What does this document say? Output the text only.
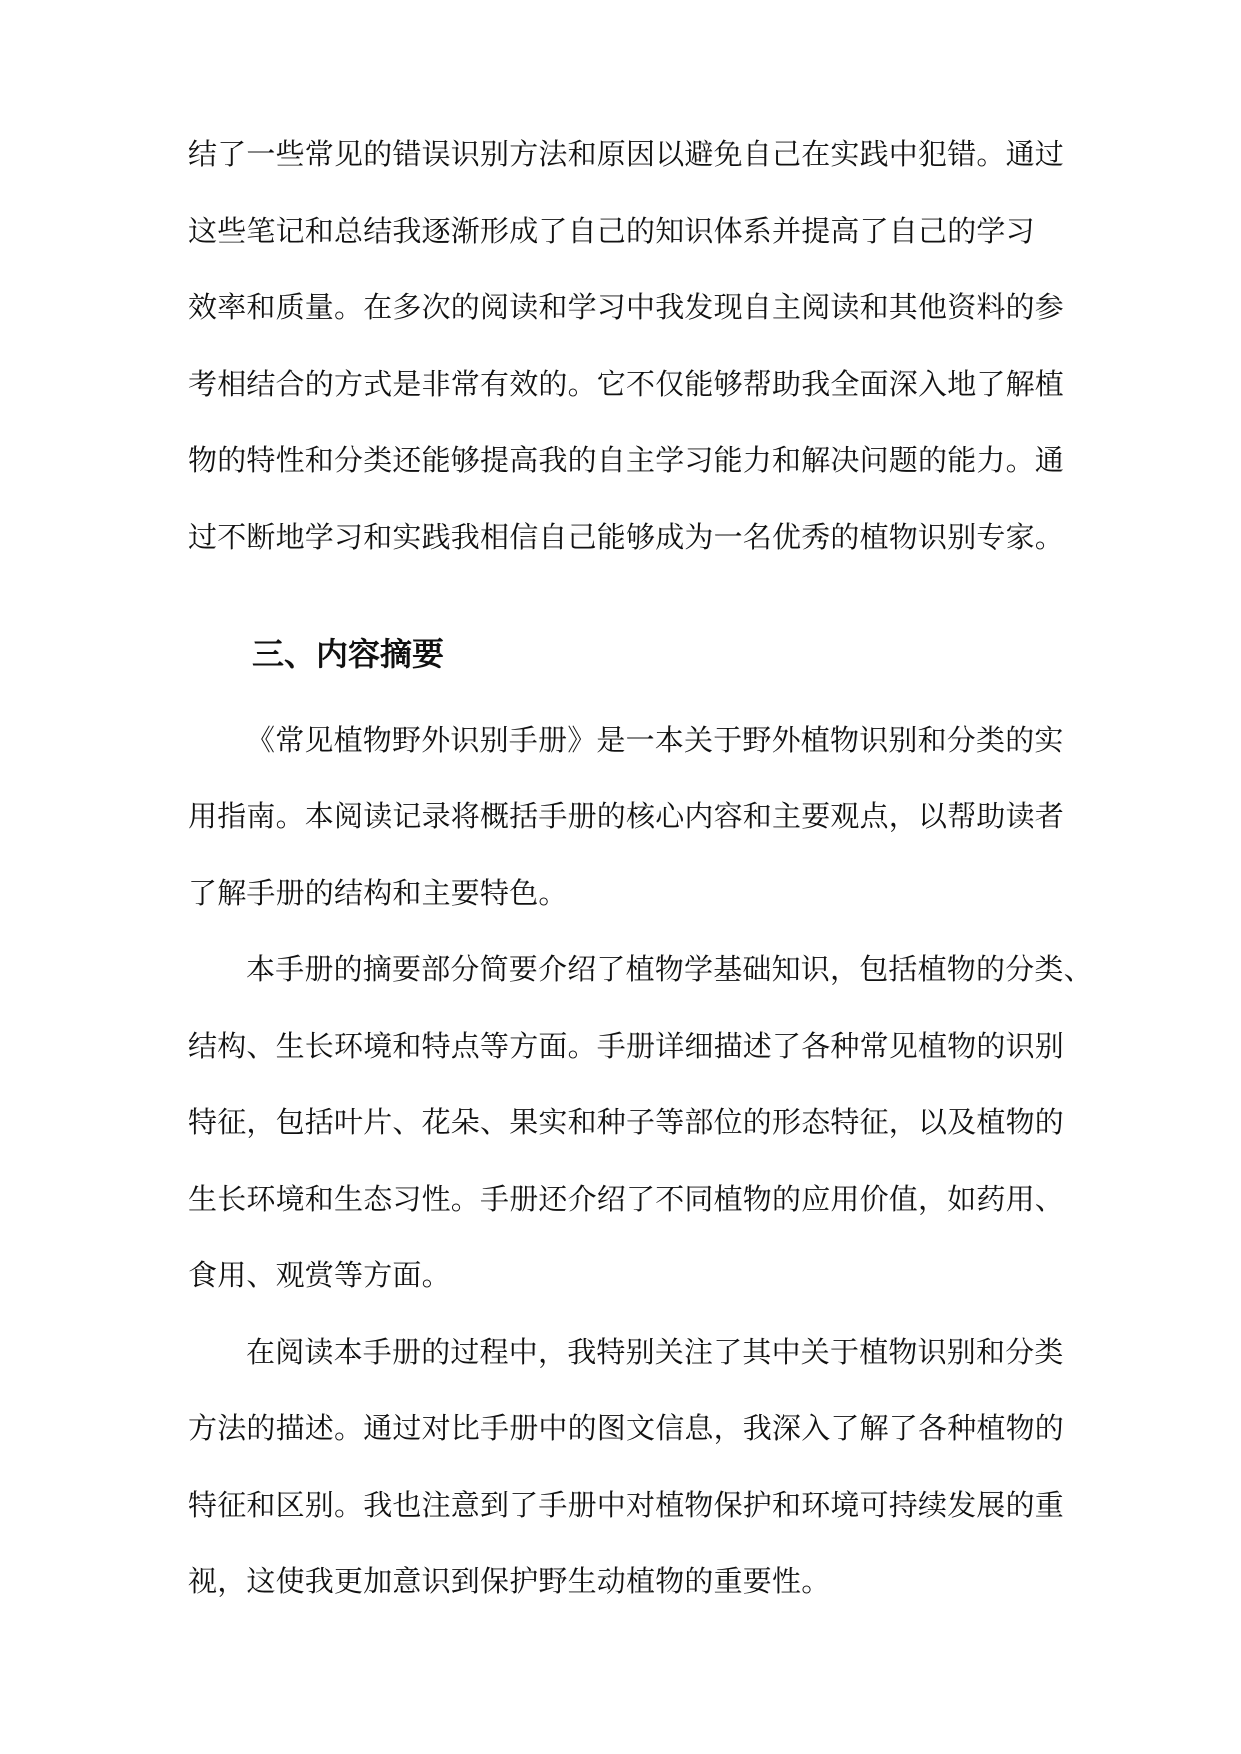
结了一些常见的错误识别方法和原因以避免自己在实践中犯错。通过
这些笔记和总结我逐渐形成了自己的知识体系并提高了自己的学习
效率和质量。在多次的阅读和学习中我发现自主阅读和其他资料的参
考相结合的方式是非常有效的。它不仅能够帮助我全面深入地了解植
物的特性和分类还能够提高我的自主学习能力和解决问题的能力。通
过不断地学习和实践我相信自己能够成为一名优秀的植物识别专家。
三、内容摘要
《常见植物野外识别手册》是一本关于野外植物识别和分类的实
用指南。本阅读记录将概括手册的核心内容和主要观点，以帮助读者
了解手册的结构和主要特色。
本手册的摘要部分简要介绍了植物学基础知识，包括植物的分类、
结构、生长环境和特点等方面。手册详细描述了各种常见植物的识别
特征，包括叶片、花朵、果实和种子等部位的形态特征，以及植物的
生长环境和生态习性。手册还介绍了不同植物的应用价值，如药用、
食用、观赏等方面。
在阅读本手册的过程中，我特别关注了其中关于植物识别和分类
方法的描述。通过对比手册中的图文信息，我深入了解了各种植物的
特征和区别。我也注意到了手册中对植物保护和环境可持续发展的重
视，这使我更加意识到保护野生动植物的重要性。
